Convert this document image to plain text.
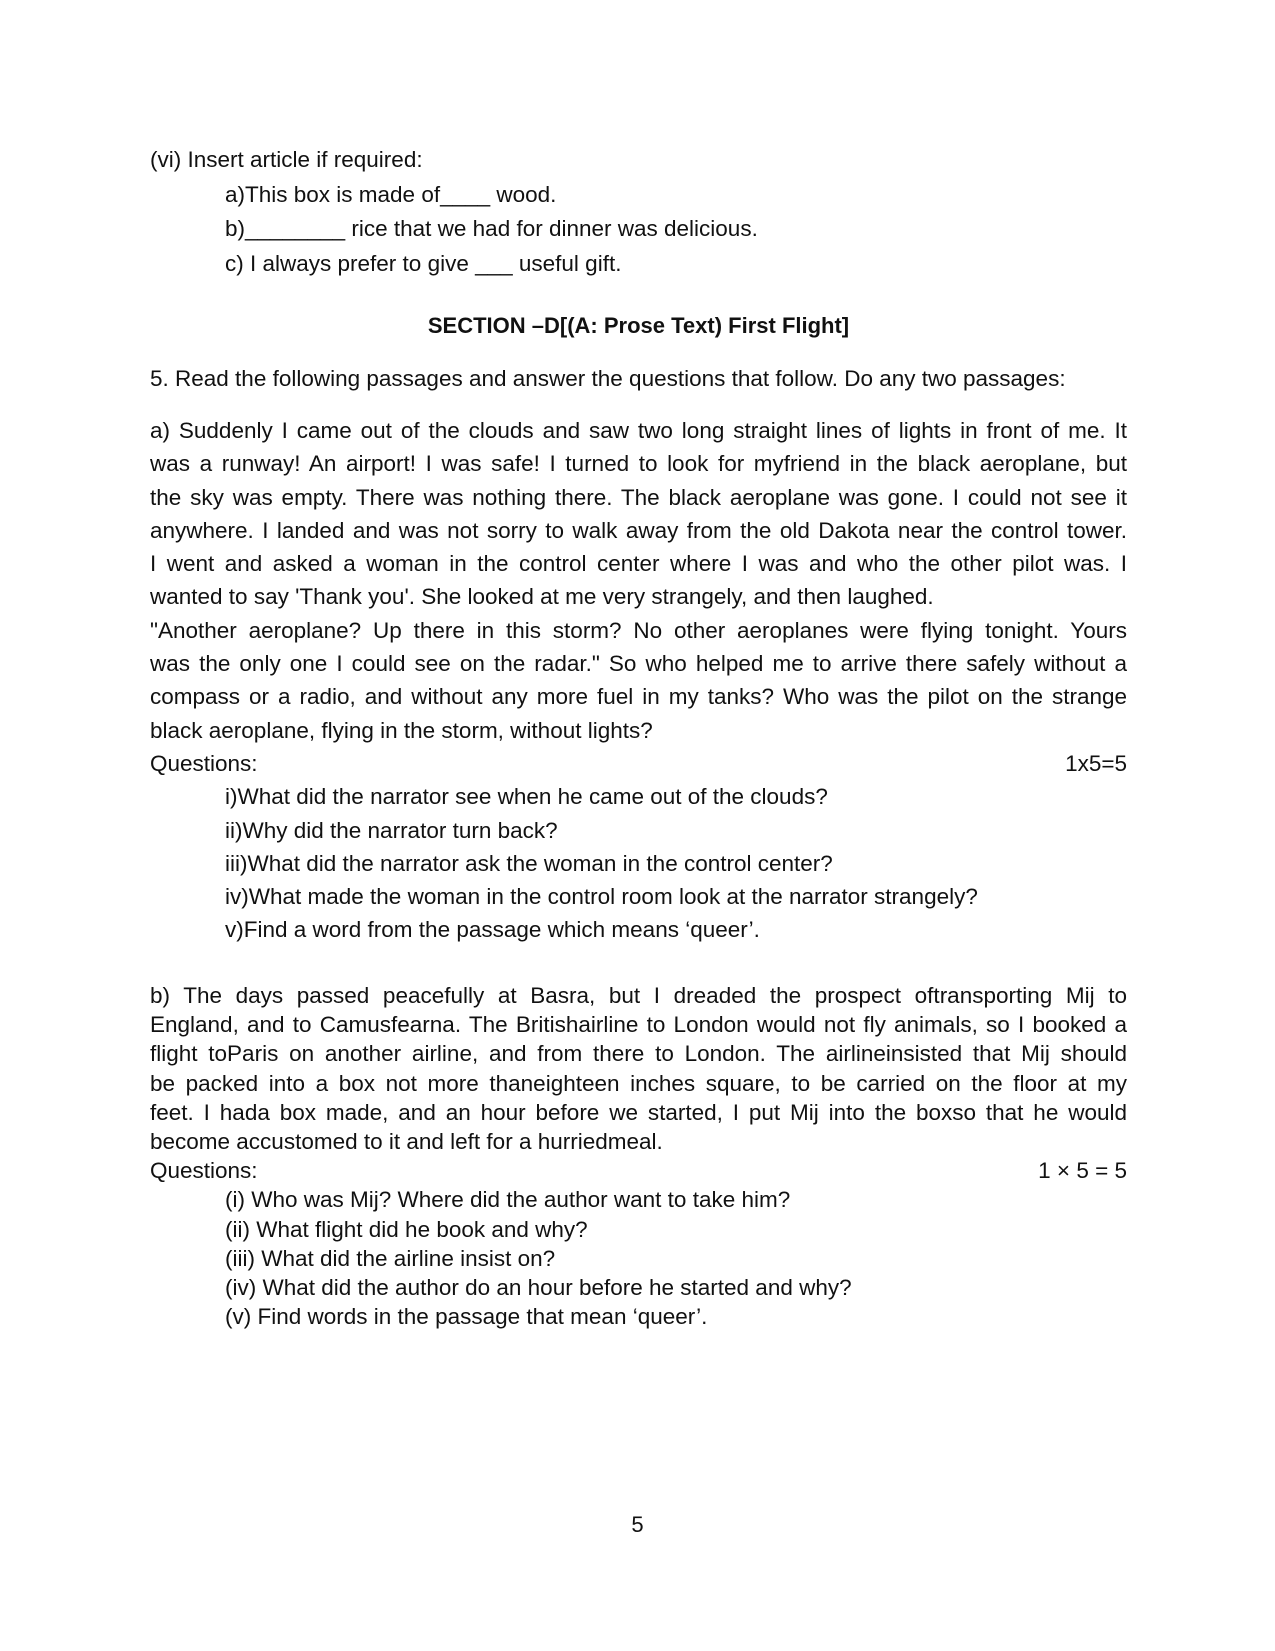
(vi) Insert article if required:

a)This box is made of____ wood.

b)________ rice that we had for dinner was delicious.

c) I always prefer to give ___ useful gift.

SECTION –D[(A: Prose Text) First Flight]

5. Read the following passages and answer the questions that follow. Do any two passages:

a) Suddenly I came out of the clouds and saw two long straight lines of lights in front of me. It
was a runway! An airport! I was safe! I turned to look for myfriend in the black aeroplane, but
the sky was empty. There was nothing there. The black aeroplane was gone. I could not see it
anywhere. I landed and was not sorry to walk away from the old Dakota near the control tower.
I went and asked a woman in the control center where I was and who the other pilot was. I
wanted to say 'Thank you'. She looked at me very strangely, and then laughed.
"Another aeroplane? Up there in this storm? No other aeroplanes were flying tonight. Yours
was the only one I could see on the radar." So who helped me to arrive there safely without a
compass or a radio, and without any more fuel in my tanks? Who was the pilot on the strange
black aeroplane, flying in the storm, without lights?
Questions:	1x5=5

i)What did the narrator see when he came out of the clouds?

ii)Why did the narrator turn back?

iii)What did the narrator ask the woman in the control center?

iv)What made the woman in the control room look at the narrator strangely?

v)Find a word from the passage which means ‘queer’.

b) The days passed peacefully at Basra, but I dreaded the prospect oftransporting Mij to
England, and to Camusfearna. The Britishairline to London would not fly animals, so I booked a
flight toParis on another airline, and from there to London. The airlineinsisted that Mij should
be packed into a box not more thaneighteen inches square, to be carried on the floor at my
feet. I hada box made, and an hour before we started, I put Mij into the boxso that he would
become accustomed to it and left for a hurriedmeal.
Questions:	1 × 5 = 5

(i) Who was Mij? Where did the author want to take him?

(ii) What flight did he book and why?

(iii) What did the airline insist on?

(iv) What did the author do an hour before he started and why?

(v) Find words in the passage that mean ‘queer’.

5
